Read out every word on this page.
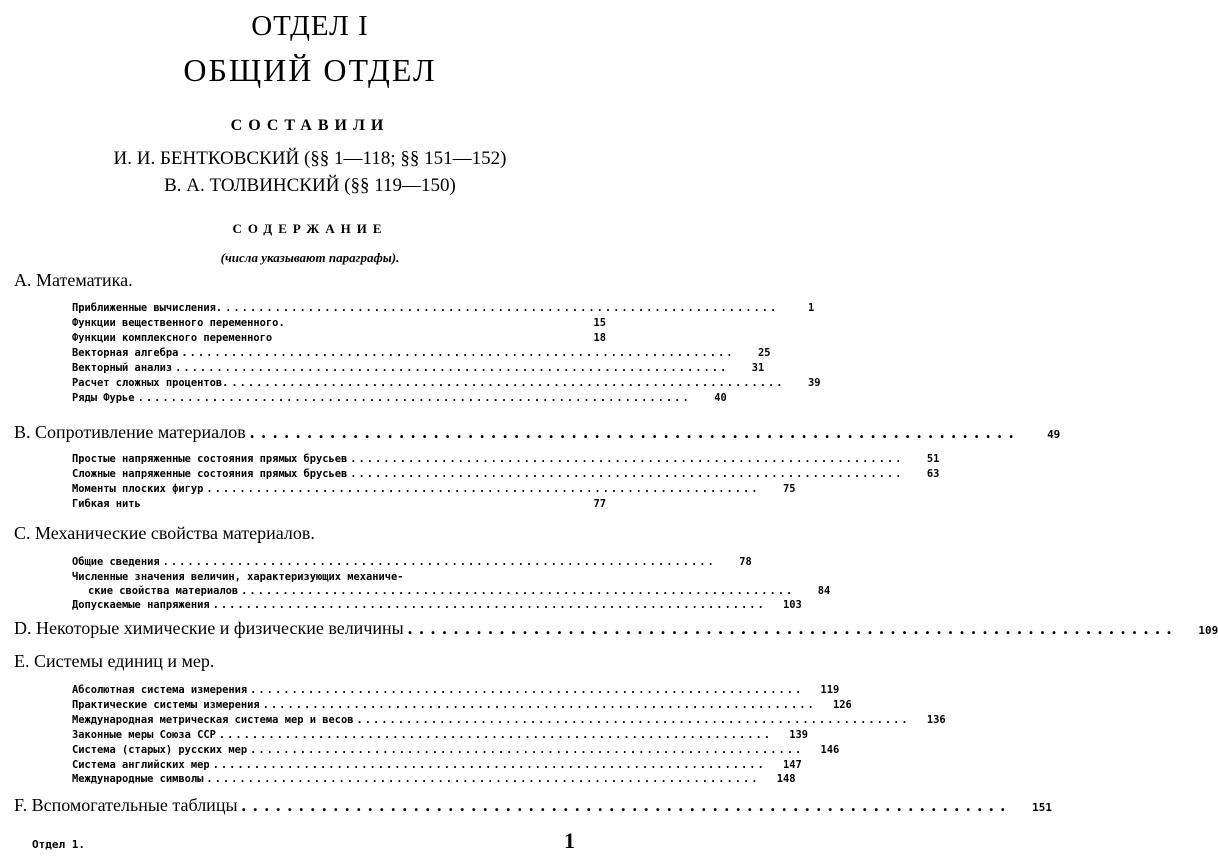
ОТДЕЛ I
ОБЩИЙ ОТДЕЛ
СОСТАВИЛИ
И. И. БЕНТКОВСКИЙ (§§ 1—118; §§ 151—152)
В. А. ТОЛВИНСКИЙ (§§ 119—150)
СОДЕРЖАНИЕ
(числа указывают параграфы).
A. Математика.
Приближенные вычисления. ...................................................................	1
Функции вещественного переменного.	15
Функции комплексного переменного	18
Векторная алгебра ...................................................................	25
Векторный анализ ...................................................................	31
Расчет сложных процентов. ...................................................................	39
Ряды Фурье ...................................................................	40
B. Сопротивление материалов ...................................................................	49
Простые напряженные состояния прямых брусьев ...................................................................	51
Сложные напряженные состояния прямых брусьев ...................................................................	63
Моменты плоских фигур ...................................................................	75
Гибкая нить	77
C. Механические свойства материалов.
Общие сведения ...................................................................	78
Численные значения величин, характеризующих механиче-
ские свойства материалов ...................................................................	84
Допускаемые напряжения ...................................................................	103
D. Некоторые химические и физические величины ...................................................................	109
E. Системы единиц и мер.
Абсолютная система измерения ...................................................................	119
Практические системы измерения ...................................................................	126
Международная метрическая система мер и весов ...................................................................	136
Законные меры Союза ССР ...................................................................	139
Система (старых) русских мер ...................................................................	146
Система английских мер ...................................................................	147
Международные символы ...................................................................	148
F. Вспомогательные таблицы ...................................................................	151
Отдел 1.	1
